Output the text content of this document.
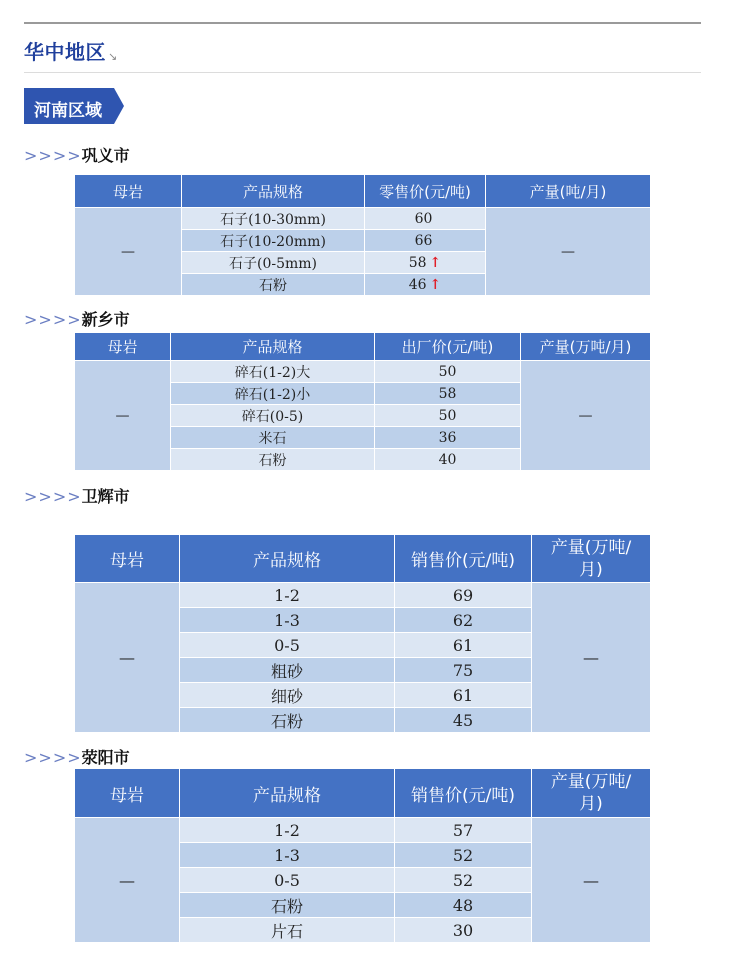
华中地区 ↘
河南区域
>>>>巩义市
母岩	产品规格	零售价(元/吨)	产量(吨/月)
—	石子(10-30mm)	60	—
	石子(10-20mm)	66	
	石子(0-5mm)	58 ↑	
	石粉	46 ↑	
>>>>新乡市
母岩	产品规格	出厂价(元/吨)	产量(万吨/月)
—	碎石(1-2)大	50	—
	碎石(1-2)小	58	
	碎石(0-5)	50	
	米石	36	
	石粉	40	
>>>>卫辉市
母岩	产品规格	销售价(元/吨)	产量(万吨/月)
—	1-2	69	—
	1-3	62	
	0-5	61	
	粗砂	75	
	细砂	61	
	石粉	45	
>>>>荥阳市
母岩	产品规格	销售价(元/吨)	产量(万吨/月)
—	1-2	57	—
	1-3	52	
	0-5	52	
	石粉	48	
	片石	30	
